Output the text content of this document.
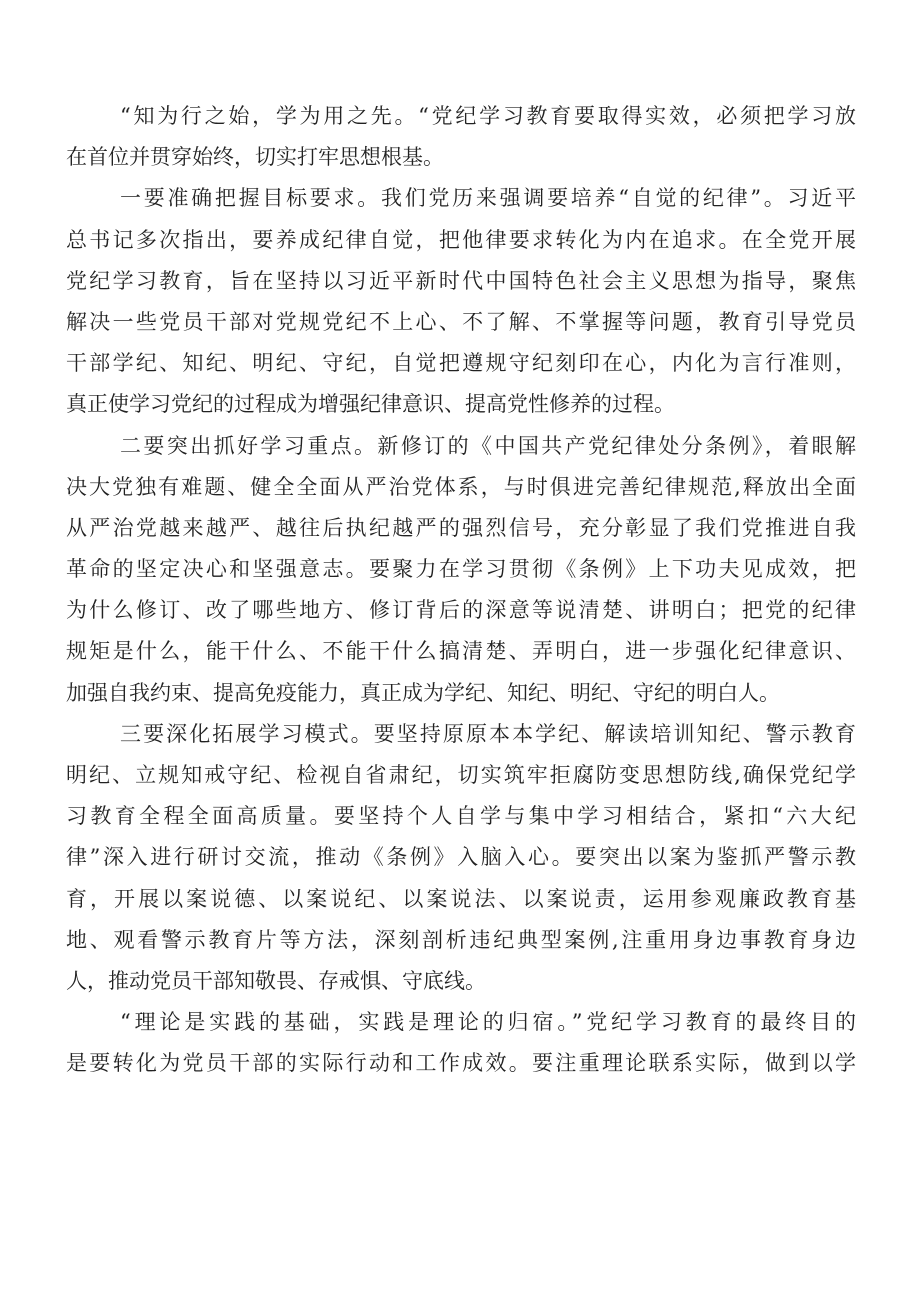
“知为行之始，学为用之先。“党纪学习教育要取得实效，必须把学习放
在首位并贯穿始终，切实打牢思想根基。
一要准确把握目标要求。我们党历来强调要培养“自觉的纪律”。习近平
总书记多次指出，要养成纪律自觉，把他律要求转化为内在追求。在全党开展
党纪学习教育，旨在坚持以习近平新时代中国特色社会主义思想为指导，聚焦
解决一些党员干部对党规党纪不上心、不了解、不掌握等问题，教育引导党员
干部学纪、知纪、明纪、守纪，自觉把遵规守纪刻印在心，内化为言行准则，
真正使学习党纪的过程成为增强纪律意识、提高党性修养的过程。
二要突出抓好学习重点。新修订的《中国共产党纪律处分条例》，着眼解
决大党独有难题、健全全面从严治党体系，与时俱进完善纪律规范,释放出全面
从严治党越来越严、越往后执纪越严的强烈信号，充分彰显了我们党推进自我
革命的坚定决心和坚强意志。要聚力在学习贯彻《条例》上下功夫见成效，把
为什么修订、改了哪些地方、修订背后的深意等说清楚、讲明白；把党的纪律
规矩是什么，能干什么、不能干什么搞清楚、弄明白，进一步强化纪律意识、
加强自我约束、提高免疫能力，真正成为学纪、知纪、明纪、守纪的明白人。
三要深化拓展学习模式。要坚持原原本本学纪、解读培训知纪、警示教育
明纪、立规知戒守纪、检视自省肃纪，切实筑牢拒腐防变思想防线,确保党纪学
习教育全程全面高质量。要坚持个人自学与集中学习相结合，紧扣“六大纪
律”深入进行研讨交流，推动《条例》入脑入心。要突出以案为鉴抓严警示教
育，开展以案说德、以案说纪、以案说法、以案说责，运用参观廉政教育基
地、观看警示教育片等方法，深刻剖析违纪典型案例,注重用身边事教育身边
人，推动党员干部知敬畏、存戒惧、守底线。
“理论是实践的基础，实践是理论的归宿。”党纪学习教育的最终目的
是要转化为党员干部的实际行动和工作成效。要注重理论联系实际，做到以学
